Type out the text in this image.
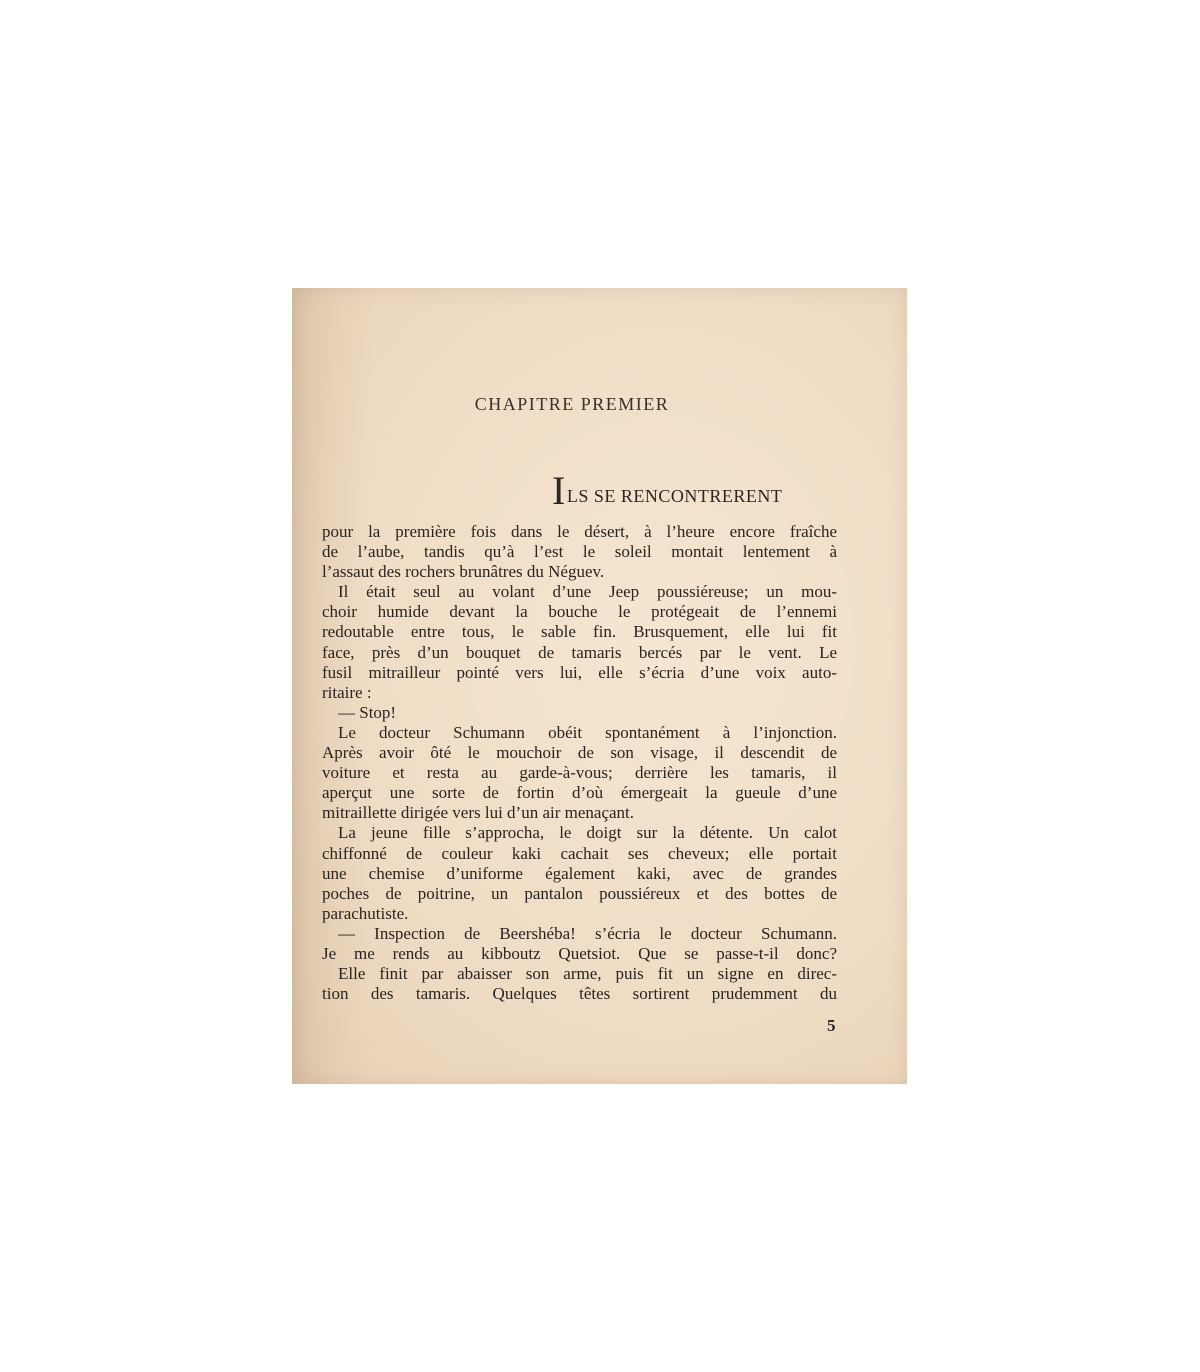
CHAPITRE PREMIER
ILS SE RENCONTRERENT
pour la première fois dans le désert, à l’heure encore fraîche
de l’aube, tandis qu’à l’est le soleil montait lentement à
l’assaut des rochers brunâtres du Néguev.
Il était seul au volant d’une Jeep poussiéreuse; un mou-
choir humide devant la bouche le protégeait de l’ennemi
redoutable entre tous, le sable fin. Brusquement, elle lui fit
face, près d’un bouquet de tamaris bercés par le vent. Le
fusil mitrailleur pointé vers lui, elle s’écria d’une voix auto-
ritaire :
— Stop!
Le docteur Schumann obéit spontanément à l’injonction.
Après avoir ôté le mouchoir de son visage, il descendit de
voiture et resta au garde-à-vous; derrière les tamaris, il
aperçut une sorte de fortin d’où émergeait la gueule d’une
mitraillette dirigée vers lui d’un air menaçant.
La jeune fille s’approcha, le doigt sur la détente. Un calot
chiffonné de couleur kaki cachait ses cheveux; elle portait
une chemise d’uniforme également kaki, avec de grandes
poches de poitrine, un pantalon poussiéreux et des bottes de
parachutiste.
— Inspection de Beershéba! s’écria le docteur Schumann.
Je me rends au kibboutz Quetsiot. Que se passe-t-il donc?
Elle finit par abaisser son arme, puis fit un signe en direc-
tion des tamaris. Quelques têtes sortirent prudemment du
5
